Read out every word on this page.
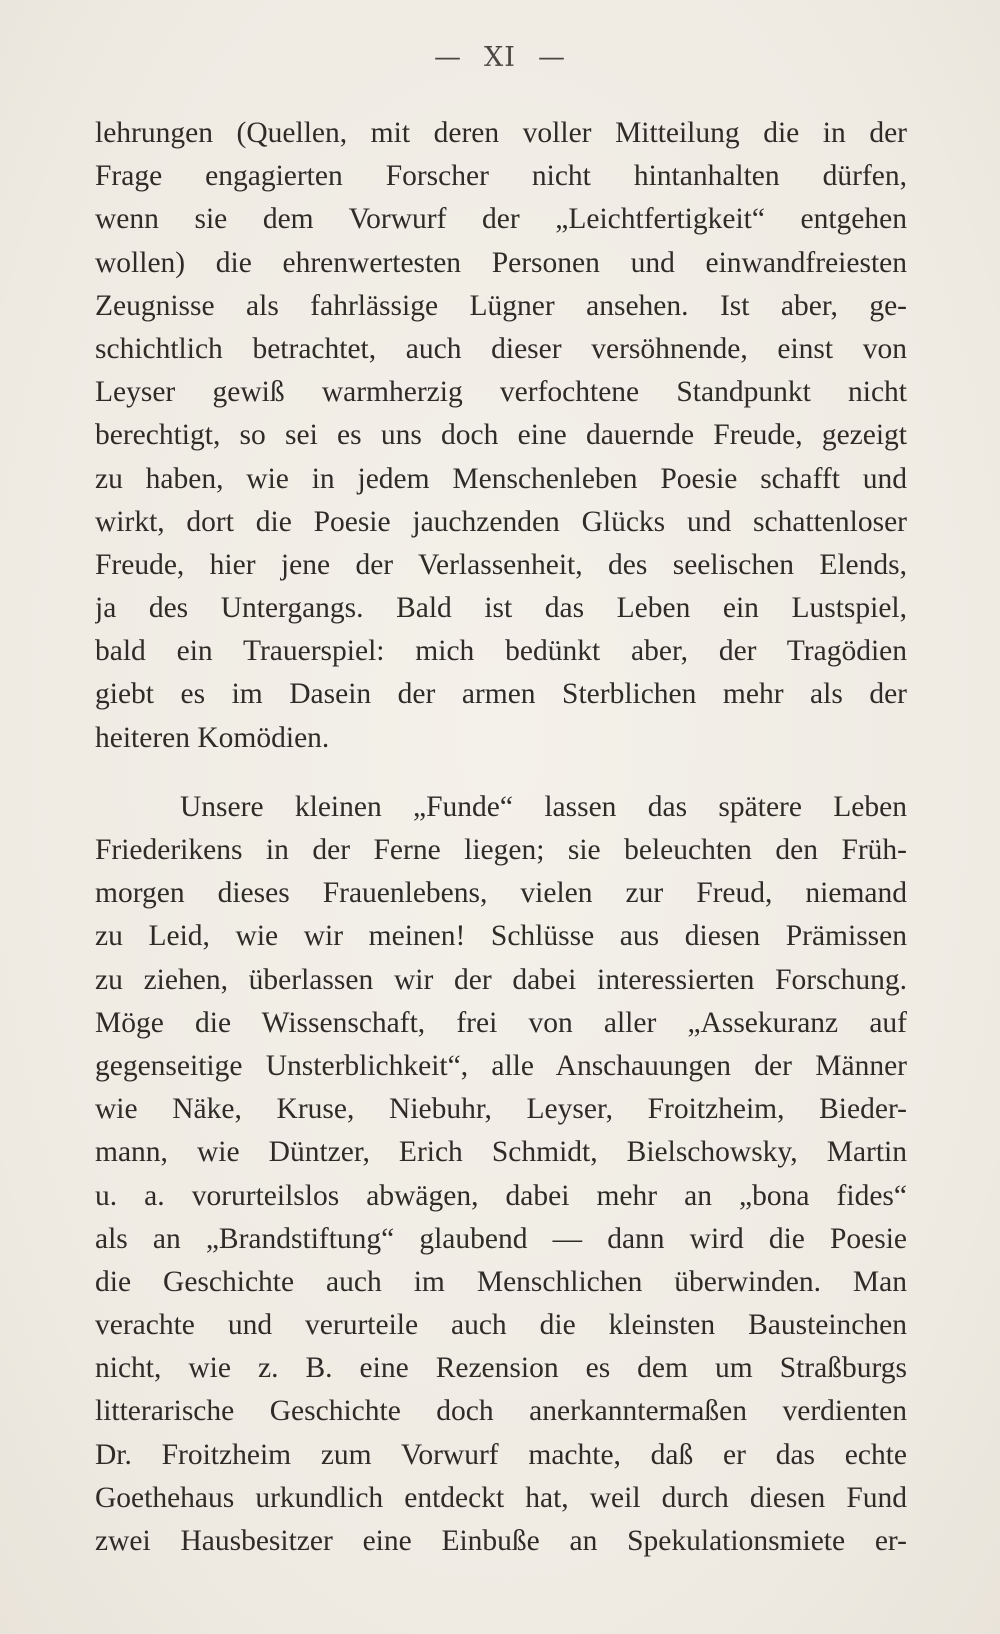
— XI —
lehrungen (Quellen, mit deren voller Mitteilung die in der
Frage engagierten Forscher nicht hintanhalten dürfen,
wenn sie dem Vorwurf der „Leichtfertigkeit“ entgehen
wollen) die ehrenwertesten Personen und einwandfreiesten
Zeugnisse als fahrlässige Lügner ansehen. Ist aber, ge-
schichtlich betrachtet, auch dieser versöhnende, einst von
Leyser gewiß warmherzig verfochtene Standpunkt nicht
berechtigt, so sei es uns doch eine dauernde Freude, gezeigt
zu haben, wie in jedem Menschenleben Poesie schafft und
wirkt, dort die Poesie jauchzenden Glücks und schattenloser
Freude, hier jene der Verlassenheit, des seelischen Elends,
ja des Untergangs. Bald ist das Leben ein Lustspiel,
bald ein Trauerspiel: mich bedünkt aber, der Tragödien
giebt es im Dasein der armen Sterblichen mehr als der
heiteren Komödien.
Unsere kleinen „Funde“ lassen das spätere Leben
Friederikens in der Ferne liegen; sie beleuchten den Früh-
morgen dieses Frauenlebens, vielen zur Freud, niemand
zu Leid, wie wir meinen! Schlüsse aus diesen Prämissen
zu ziehen, überlassen wir der dabei interessierten Forschung.
Möge die Wissenschaft, frei von aller „Assekuranz auf
gegenseitige Unsterblichkeit“, alle Anschauungen der Männer
wie Näke, Kruse, Niebuhr, Leyser, Froitzheim, Bieder-
mann, wie Düntzer, Erich Schmidt, Bielschowsky, Martin
u. a. vorurteilslos abwägen, dabei mehr an „bona fides“
als an „Brandstiftung“ glaubend — dann wird die Poesie
die Geschichte auch im Menschlichen überwinden. Man
verachte und verurteile auch die kleinsten Bausteinchen
nicht, wie z. B. eine Rezension es dem um Straßburgs
litterarische Geschichte doch anerkanntermaßen verdienten
Dr. Froitzheim zum Vorwurf machte, daß er das echte
Goethehaus urkundlich entdeckt hat, weil durch diesen Fund
zwei Hausbesitzer eine Einbuße an Spekulationsmiete er-
